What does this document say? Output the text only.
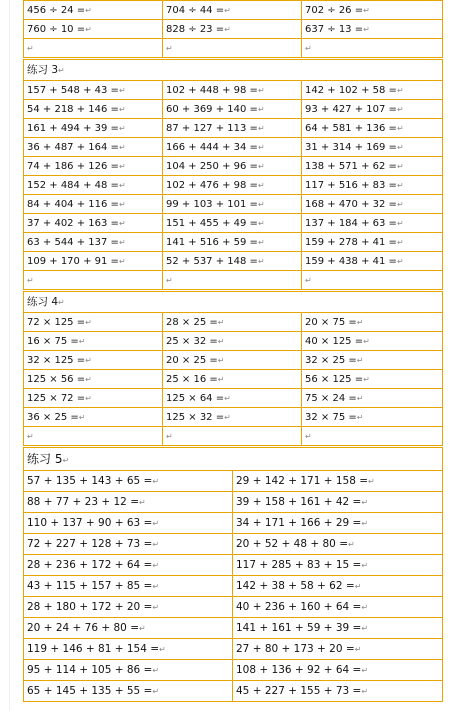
456 ÷ 24 =↵	704 ÷ 44 =↵	702 ÷ 26 =↵
760 ÷ 10 =↵	828 ÷ 23 =↵	637 ÷ 13 =↵
↵	↵	↵
练习 3↵
157 + 548 + 43 =↵	102 + 448 + 98 =↵	142 + 102 + 58 =↵
54 + 218 + 146 =↵	60 + 369 + 140 =↵	93 + 427 + 107 =↵
161 + 494 + 39 =↵	87 + 127 + 113 =↵	64 + 581 + 136 =↵
36 + 487 + 164 =↵	166 + 444 + 34 =↵	31 + 314 + 169 =↵
74 + 186 + 126 =↵	104 + 250 + 96 =↵	138 + 571 + 62 =↵
152 + 484 + 48 =↵	102 + 476 + 98 =↵	117 + 516 + 83 =↵
84 + 404 + 116 =↵	99 + 103 + 101 =↵	168 + 470 + 32 =↵
37 + 402 + 163 =↵	151 + 455 + 49 =↵	137 + 184 + 63 =↵
63 + 544 + 137 =↵	141 + 516 + 59 =↵	159 + 278 + 41 =↵
109 + 170 + 91 =↵	52 + 537 + 148 =↵	159 + 438 + 41 =↵
↵	↵	↵
练习 4↵
72 × 125 =↵	28 × 25 =↵	20 × 75 =↵
16 × 75 =↵	25 × 32 =↵	40 × 125 =↵
32 × 125 =↵	20 × 25 =↵	32 × 25 =↵
125 × 56 =↵	25 × 16 =↵	56 × 125 =↵
125 × 72 =↵	125 × 64 =↵	75 × 24 =↵
36 × 25 =↵	125 × 32 =↵	32 × 75 =↵
↵	↵	↵
练习 5↵
57 + 135 + 143 + 65 =↵	29 + 142 + 171 + 158 =↵
88 + 77 + 23 + 12 =↵	39 + 158 + 161 + 42 =↵
110 + 137 + 90 + 63 =↵	34 + 171 + 166 + 29 =↵
72 + 227 + 128 + 73 =↵	20 + 52 + 48 + 80 =↵
28 + 236 + 172 + 64 =↵	117 + 285 + 83 + 15 =↵
43 + 115 + 157 + 85 =↵	142 + 38 + 58 + 62 =↵
28 + 180 + 172 + 20 =↵	40 + 236 + 160 + 64 =↵
20 + 24 + 76 + 80 =↵	141 + 161 + 59 + 39 =↵
119 + 146 + 81 + 154 =↵	27 + 80 + 173 + 20 =↵
95 + 114 + 105 + 86 =↵	108 + 136 + 92 + 64 =↵
65 + 145 + 135 + 55 =↵	45 + 227 + 155 + 73 =↵
